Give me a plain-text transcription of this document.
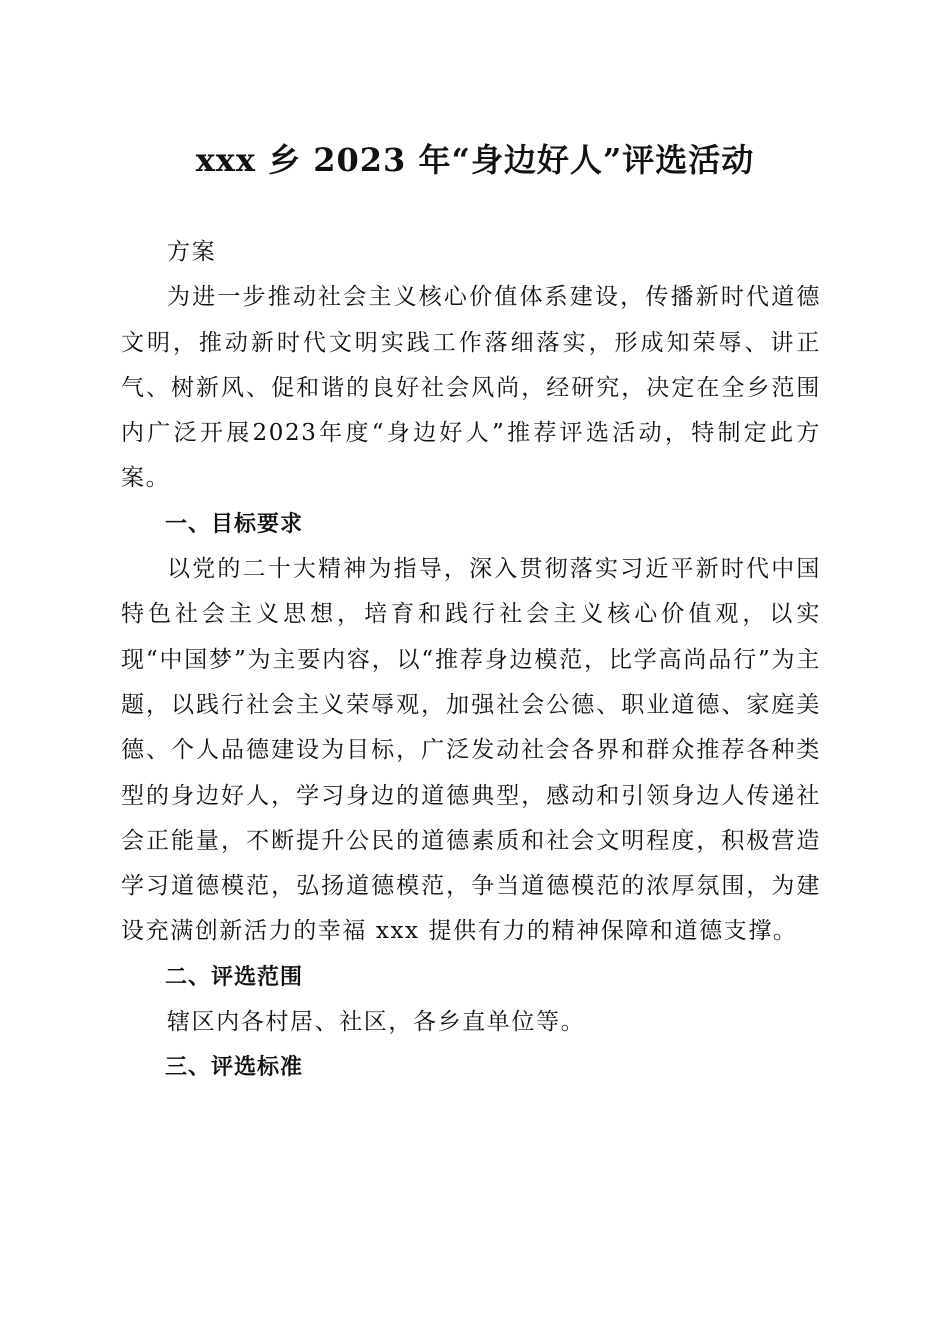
xxx 乡 2023 年“身边好人”评选活动

方案

为进一步推动社会主义核心价值体系建设，传播新时代道德文明，推动新时代文明实践工作落细落实，形成知荣辱、讲正气、树新风、促和谐的良好社会风尚，经研究，决定在全乡范围内广泛开展2023年度“身边好人”推荐评选活动，特制定此方案。

一、目标要求

以党的二十大精神为指导，深入贯彻落实习近平新时代中国特色社会主义思想，培育和践行社会主义核心价值观，以实现“中国梦”为主要内容，以“推荐身边模范，比学高尚品行”为主题，以践行社会主义荣辱观，加强社会公德、职业道德、家庭美德、个人品德建设为目标，广泛发动社会各界和群众推荐各种类型的身边好人，学习身边的道德典型，感动和引领身边人传递社会正能量，不断提升公民的道德素质和社会文明程度，积极营造学习道德模范，弘扬道德模范，争当道德模范的浓厚氛围，为建设充满创新活力的幸福 xxx 提供有力的精神保障和道德支撑。

二、评选范围

辖区内各村居、社区，各乡直单位等。

三、评选标准
